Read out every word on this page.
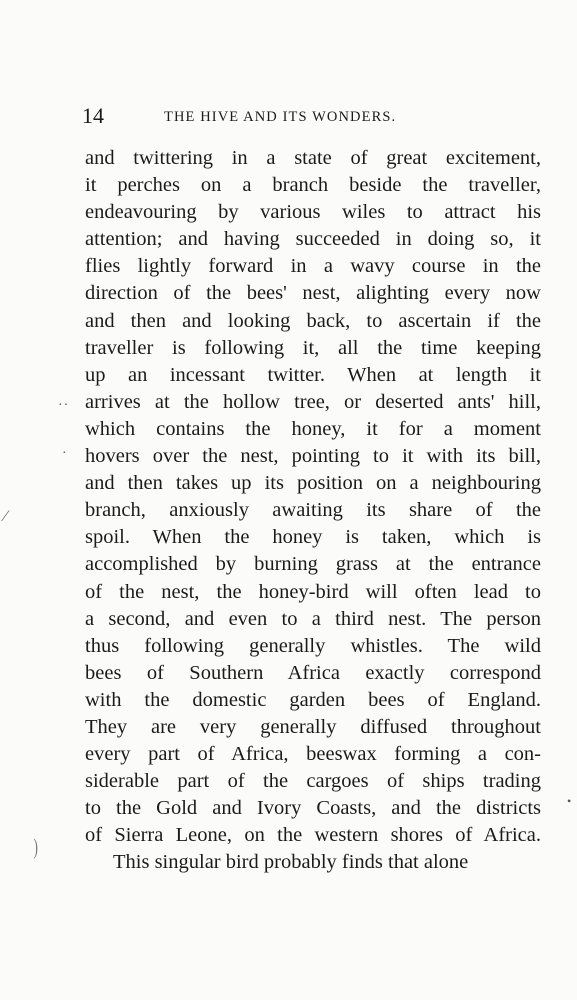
14	THE HIVE AND ITS WONDERS.
and twittering in a state of great excitement,
it perches on a branch beside the traveller,
endeavouring by various wiles to attract his
attention; and having succeeded in doing so, it
flies lightly forward in a wavy course in the
direction of the bees' nest, alighting every now
and then and looking back, to ascertain if the
traveller is following it, all the time keeping
up an incessant twitter. When at length it
arrives at the hollow tree, or deserted ants' hill,
which contains the honey, it for a moment
hovers over the nest, pointing to it with its bill,
and then takes up its position on a neighbouring
branch, anxiously awaiting its share of the
spoil. When the honey is taken, which is
accomplished by burning grass at the entrance
of the nest, the honey-bird will often lead to
a second, and even to a third nest. The person
thus following generally whistles. The wild
bees of Southern Africa exactly correspond
with the domestic garden bees of England.
They are very generally diffused throughout
every part of Africa, beeswax forming a con-
siderable part of the cargoes of ships trading
to the Gold and Ivory Coasts, and the districts
of Sierra Leone, on the western shores of Africa.
This singular bird probably finds that alone
··
·
⁄
•
)
